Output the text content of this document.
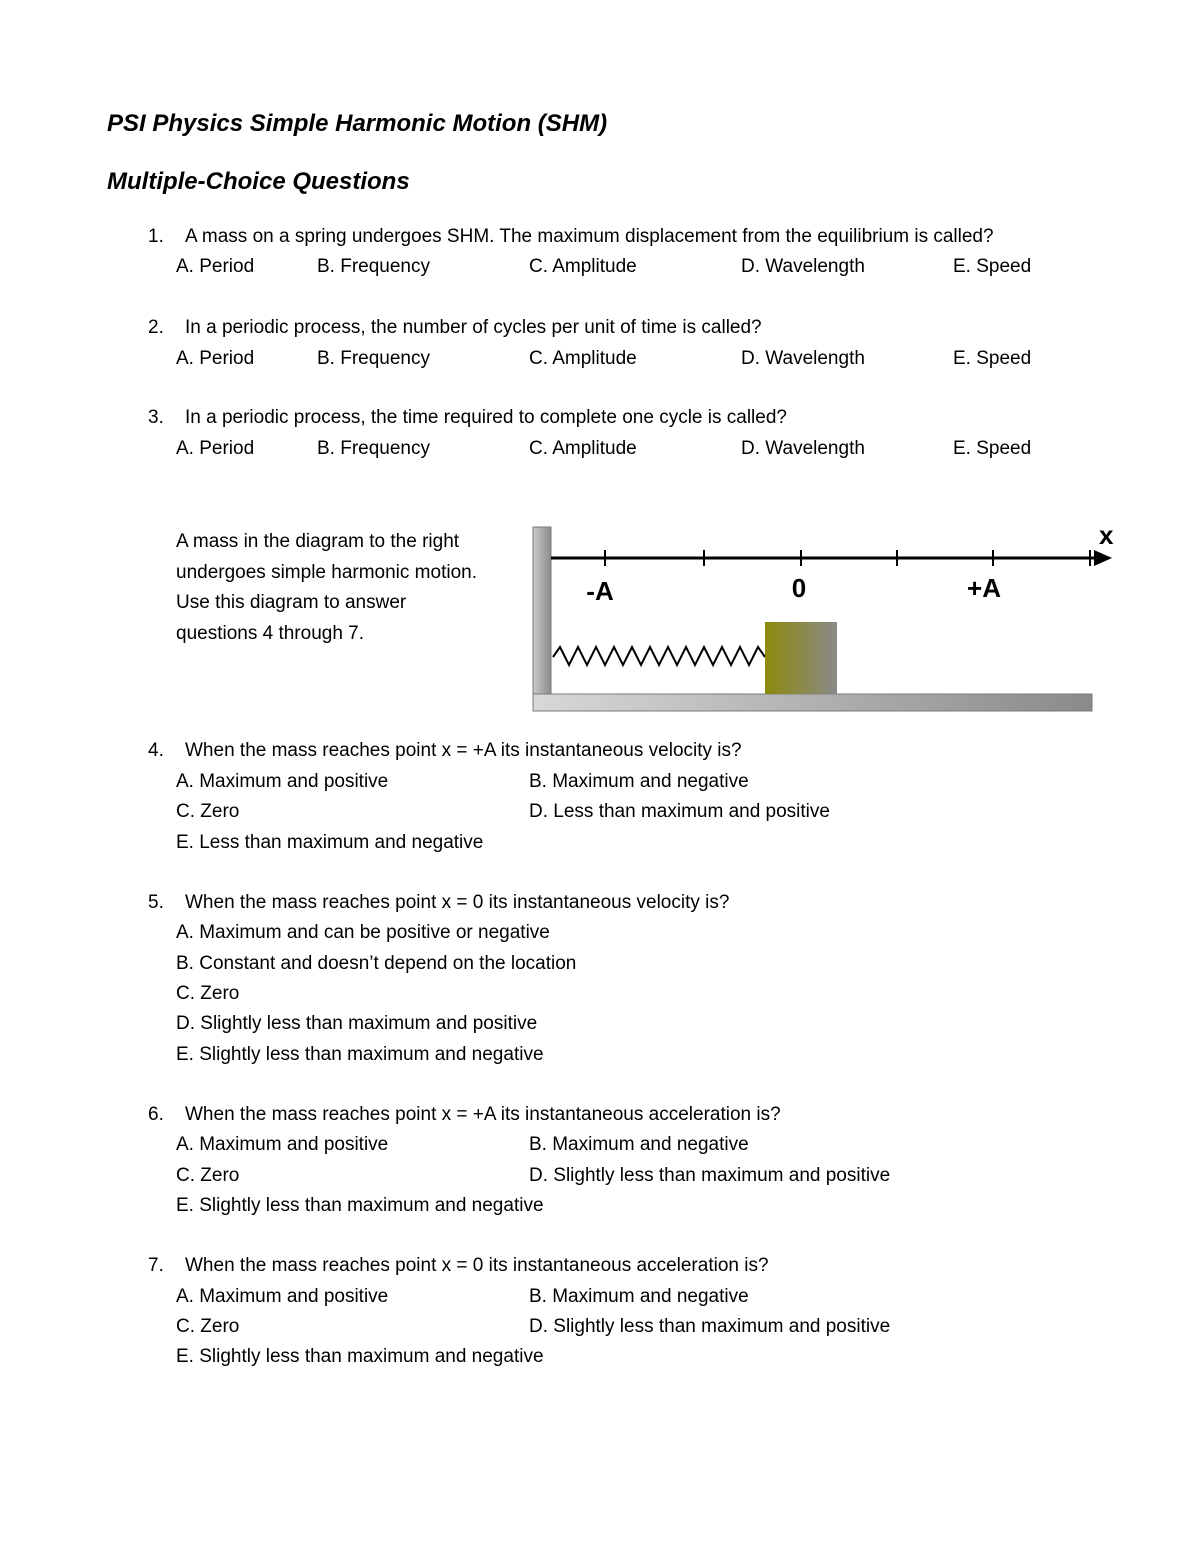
PSI Physics Simple Harmonic Motion (SHM)
Multiple-Choice Questions
1. A mass on a spring undergoes SHM. The maximum displacement from the equilibrium is called?
A. Period	B. Frequency	C. Amplitude	D. Wavelength	E. Speed
2. In a periodic process, the number of cycles per unit of time is called?
A. Period	B. Frequency	C. Amplitude	D. Wavelength	E. Speed
3. In a periodic process, the time required to complete one cycle is called?
A. Period	B. Frequency	C. Amplitude	D. Wavelength	E. Speed
A mass in the diagram to the right
undergoes simple harmonic motion.
Use this diagram to answer
questions 4 through 7.
x
-A	0	+A
4. When the mass reaches point x = +A its instantaneous velocity is?
A. Maximum and positive	B. Maximum and negative
C. Zero	D. Less than maximum and positive
E. Less than maximum and negative
5. When the mass reaches point x = 0 its instantaneous velocity is?
A. Maximum and can be positive or negative
B. Constant and doesn’t depend on the location
C. Zero
D. Slightly less than maximum and positive
E. Slightly less than maximum and negative
6. When the mass reaches point x = +A its instantaneous acceleration is?
A. Maximum and positive	B. Maximum and negative
C. Zero	D. Slightly less than maximum and positive
E. Slightly less than maximum and negative
7. When the mass reaches point x = 0 its instantaneous acceleration is?
A. Maximum and positive	B. Maximum and negative
C. Zero	D. Slightly less than maximum and positive
E. Slightly less than maximum and negative
